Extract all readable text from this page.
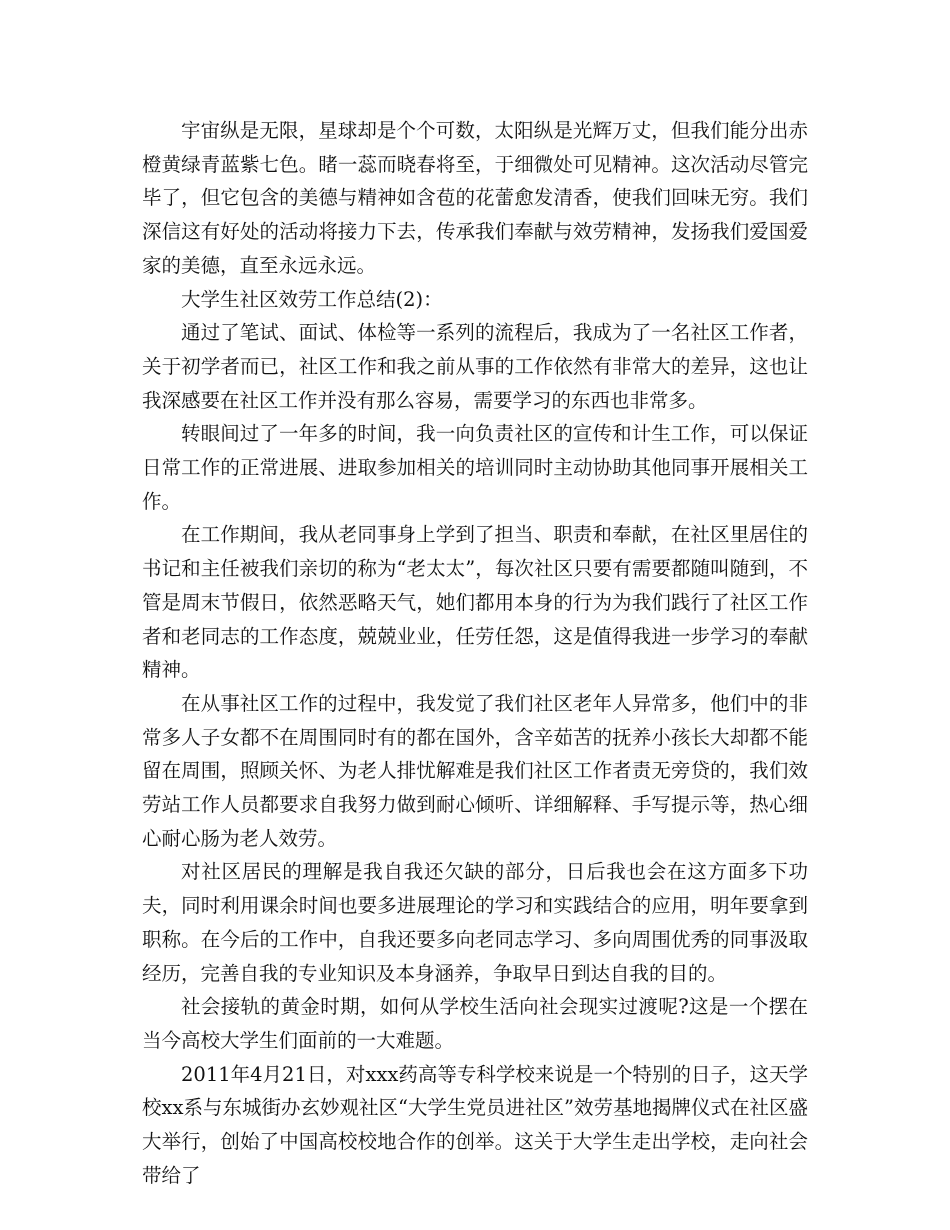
宇宙纵是无限，星球却是个个可数，太阳纵是光辉万丈，但我们能分出赤橙黄绿青蓝紫七色。睹一蕊而晓春将至，于细微处可见精神。这次活动尽管完毕了，但它包含的美德与精神如含苞的花蕾愈发清香，使我们回味无穷。我们深信这有好处的活动将接力下去，传承我们奉献与效劳精神，发扬我们爱国爱家的美德，直至永远永远。

大学生社区效劳工作总结(2)：

通过了笔试、面试、体检等一系列的流程后，我成为了一名社区工作者，关于初学者而已，社区工作和我之前从事的工作依然有非常大的差异，这也让我深感要在社区工作并没有那么容易，需要学习的东西也非常多。

转眼间过了一年多的时间，我一向负责社区的宣传和计生工作，可以保证日常工作的正常进展、进取参加相关的培训同时主动协助其他同事开展相关工作。

在工作期间，我从老同事身上学到了担当、职责和奉献，在社区里居住的书记和主任被我们亲切的称为“老太太”，每次社区只要有需要都随叫随到，不管是周末节假日，依然恶略天气，她们都用本身的行为为我们践行了社区工作者和老同志的工作态度，兢兢业业，任劳任怨，这是值得我进一步学习的奉献精神。

在从事社区工作的过程中，我发觉了我们社区老年人异常多，他们中的非常多人子女都不在周围同时有的都在国外，含辛茹苦的抚养小孩长大却都不能留在周围，照顾关怀、为老人排忧解难是我们社区工作者责无旁贷的，我们效劳站工作人员都要求自我努力做到耐心倾听、详细解释、手写提示等，热心细心耐心肠为老人效劳。

对社区居民的理解是我自我还欠缺的部分，日后我也会在这方面多下功夫，同时利用课余时间也要多进展理论的学习和实践结合的应用，明年要拿到职称。在今后的工作中，自我还要多向老同志学习、多向周围优秀的同事汲取经历，完善自我的专业知识及本身涵养，争取早日到达自我的目的。

社会接轨的黄金时期，如何从学校生活向社会现实过渡呢?这是一个摆在当今高校大学生们面前的一大难题。

2011年4月21日，对xxx药高等专科学校来说是一个特别的日子，这天学校xx系与东城街办玄妙观社区“大学生党员进社区”效劳基地揭牌仪式在社区盛大举行，创始了中国高校校地合作的创举。这关于大学生走出学校，走向社会带给了
